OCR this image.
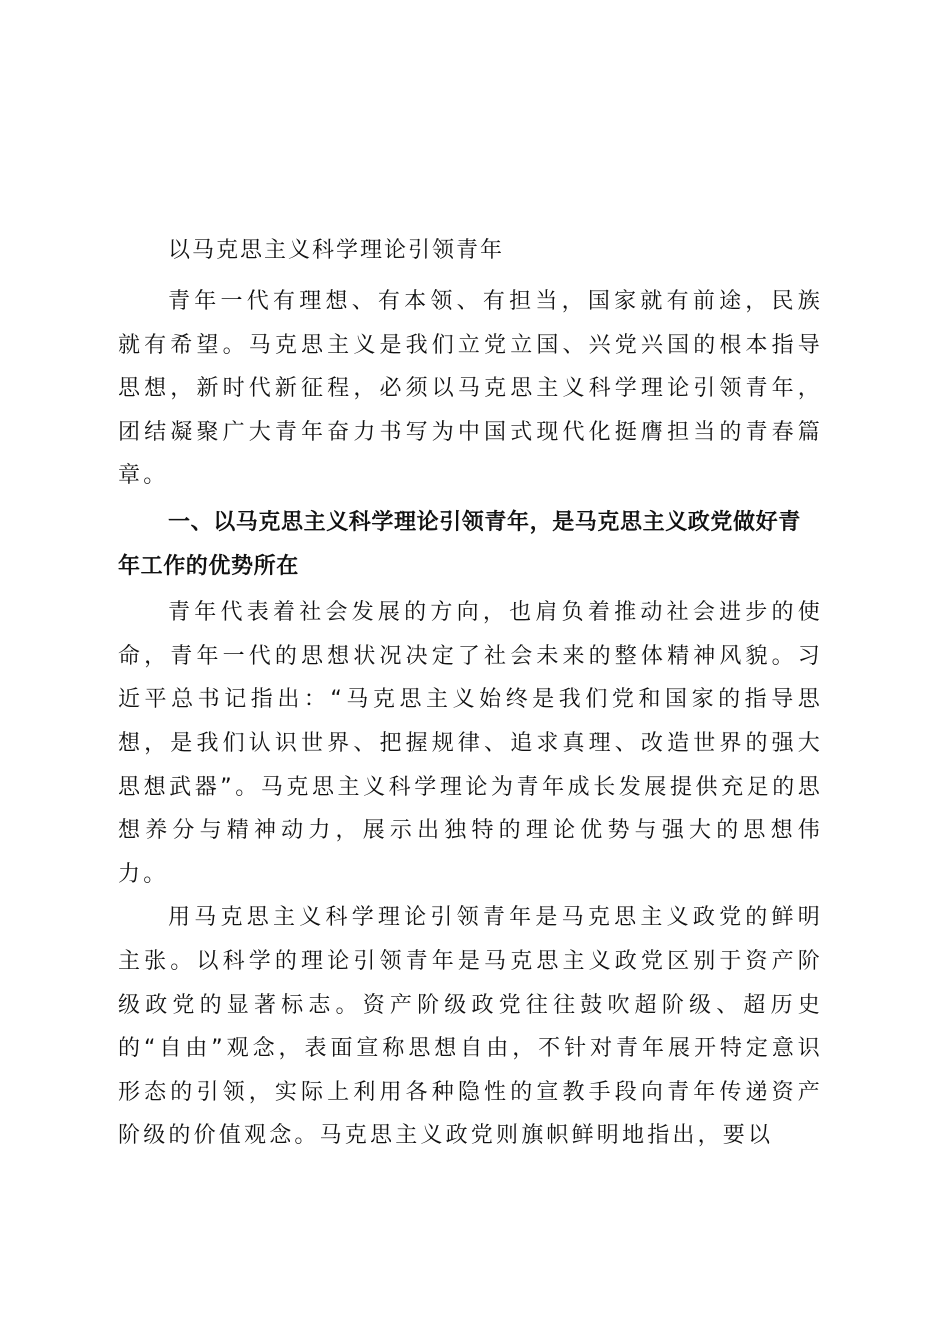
以马克思主义科学理论引领青年

青年一代有理想、有本领、有担当，国家就有前途，民族就有希望。马克思主义是我们立党立国、兴党兴国的根本指导思想，新时代新征程，必须以马克思主义科学理论引领青年，团结凝聚广大青年奋力书写为中国式现代化挺膺担当的青春篇章。

一、以马克思主义科学理论引领青年，是马克思主义政党做好青年工作的优势所在

青年代表着社会发展的方向，也肩负着推动社会进步的使命，青年一代的思想状况决定了社会未来的整体精神风貌。习近平总书记指出：“马克思主义始终是我们党和国家的指导思想，是我们认识世界、把握规律、追求真理、改造世界的强大思想武器”。马克思主义科学理论为青年成长发展提供充足的思想养分与精神动力，展示出独特的理论优势与强大的思想伟力。

用马克思主义科学理论引领青年是马克思主义政党的鲜明主张。以科学的理论引领青年是马克思主义政党区别于资产阶级政党的显著标志。资产阶级政党往往鼓吹超阶级、超历史的“自由”观念，表面宣称思想自由，不针对青年展开特定意识形态的引领，实际上利用各种隐性的宣教手段向青年传递资产阶级的价值观念。马克思主义政党则旗帜鲜明地指出，要以
